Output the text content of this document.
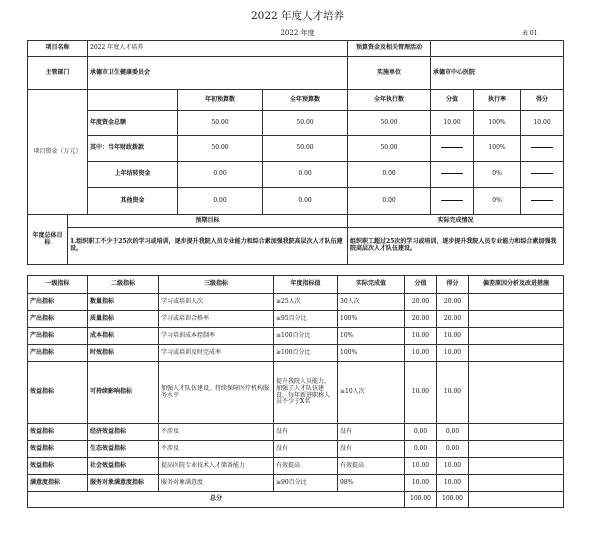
2022 年度人才培养
2022 年度	表 01
项目名称		2022 年度人才培养			预算资金及相关管理活动			
主管部门		承德市卫生健康委员会			实施单位	承德市中心医院		
项目资金（万元）			年初预算数	全年预算数	全年执行数	分值	执行率	得分
		年度资金总额	50.00	50.00	50.00	10.00	100%	10.00
		其中：当年财政拨款	50.00	50.00	50.00		100%	
		上年结转资金	0.00	0.00	0.00		0%	
		其他资金	0.00	0.00	0.00		0%	
年度总体目标	预期目标				实际完成情况			
	1.组织职工不少于25次的学习或培训，逐步提升我院人员专业能力和综合素加强我院高层次人才队伍建设。				组织职工超过25次的学习或培训，逐步提升我院人员专业能力和综合素加强我院高层次人才队伍建设。			
一级指标	二级指标	三级指标	年度指标值	实际完成值	分值	得分	偏差原因分析及改进措施
产出指标	数量指标	学习或培训人次	≥25人次	30人次	20.00	20.00	
产出指标	质量指标	学习或培训合格率	≥95百分比	100%	20.00	20.00	
产出指标	成本指标	学习培训成本控制率	≤100百分比	10%	10.00	10.00	
产出指标	时效指标	学习或培训及时完成率	≥100百分比	100%	10.00	10.00	
效益指标	可持续影响指标	加强人才队伍建设，持续保障医疗机构服务水平	提升我院人员能力，加强了人才队伍建设，每年新进职称人员不少于X名	≥10人次	10.00	10.00	
效益指标	经济效益指标	不涉及	没有	没有	0.00	0.00	
效益指标	生态效益指标	不涉及	没有	没有	0.00	0.00	
效益指标	社会效益指标	提高医院专业技术人才储备能力	有效提高	有效提高	10.00	10.00	
满意度指标	服务对象满意度指标	服务对象满意度	≥90百分比	98%	10.00	10.00	
总分					100.00	100.00	
